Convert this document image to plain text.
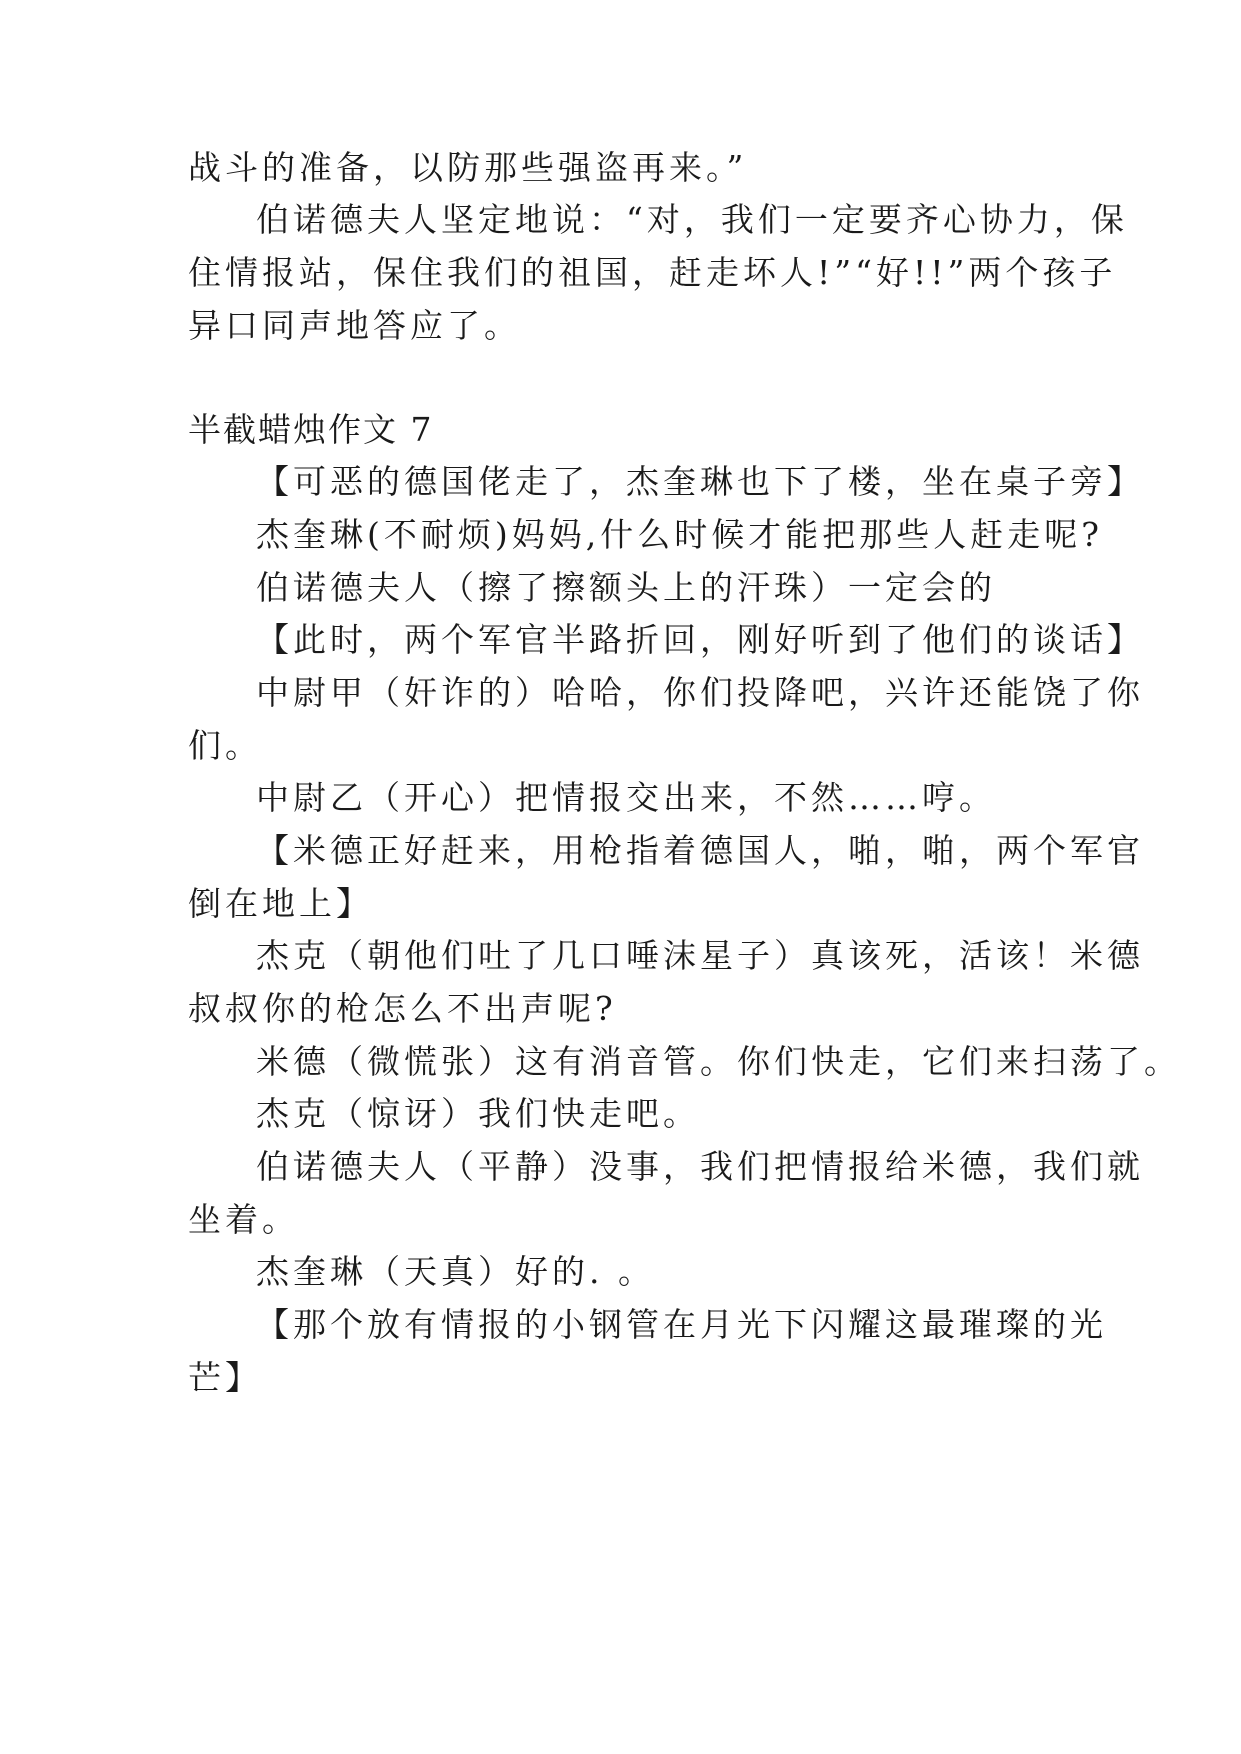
战斗的准备，以防那些强盗再来。”
伯诺德夫人坚定地说：“对，我们一定要齐心协力，保
住情报站，保住我们的祖国，赶走坏人!”“好!!”两个孩子
异口同声地答应了。
半截蜡烛作文 7
【可恶的德国佬走了，杰奎琳也下了楼，坐在桌子旁】
杰奎琳(不耐烦)妈妈,什么时候才能把那些人赶走呢?
伯诺德夫人（擦了擦额头上的汗珠）一定会的
【此时，两个军官半路折回，刚好听到了他们的谈话】
中尉甲（奸诈的）哈哈，你们投降吧，兴许还能饶了你
们。
中尉乙（开心）把情报交出来，不然……哼。
【米德正好赶来，用枪指着德国人，啪，啪，两个军官
倒在地上】
杰克（朝他们吐了几口唾沫星子）真该死，活该！米德
叔叔你的枪怎么不出声呢?
米德（微慌张）这有消音管。你们快走，它们来扫荡了。
杰克（惊讶）我们快走吧。
伯诺德夫人（平静）没事，我们把情报给米德，我们就
坐着。
杰奎琳（天真）好的. 。
【那个放有情报的小钢管在月光下闪耀这最璀璨的光
芒】
